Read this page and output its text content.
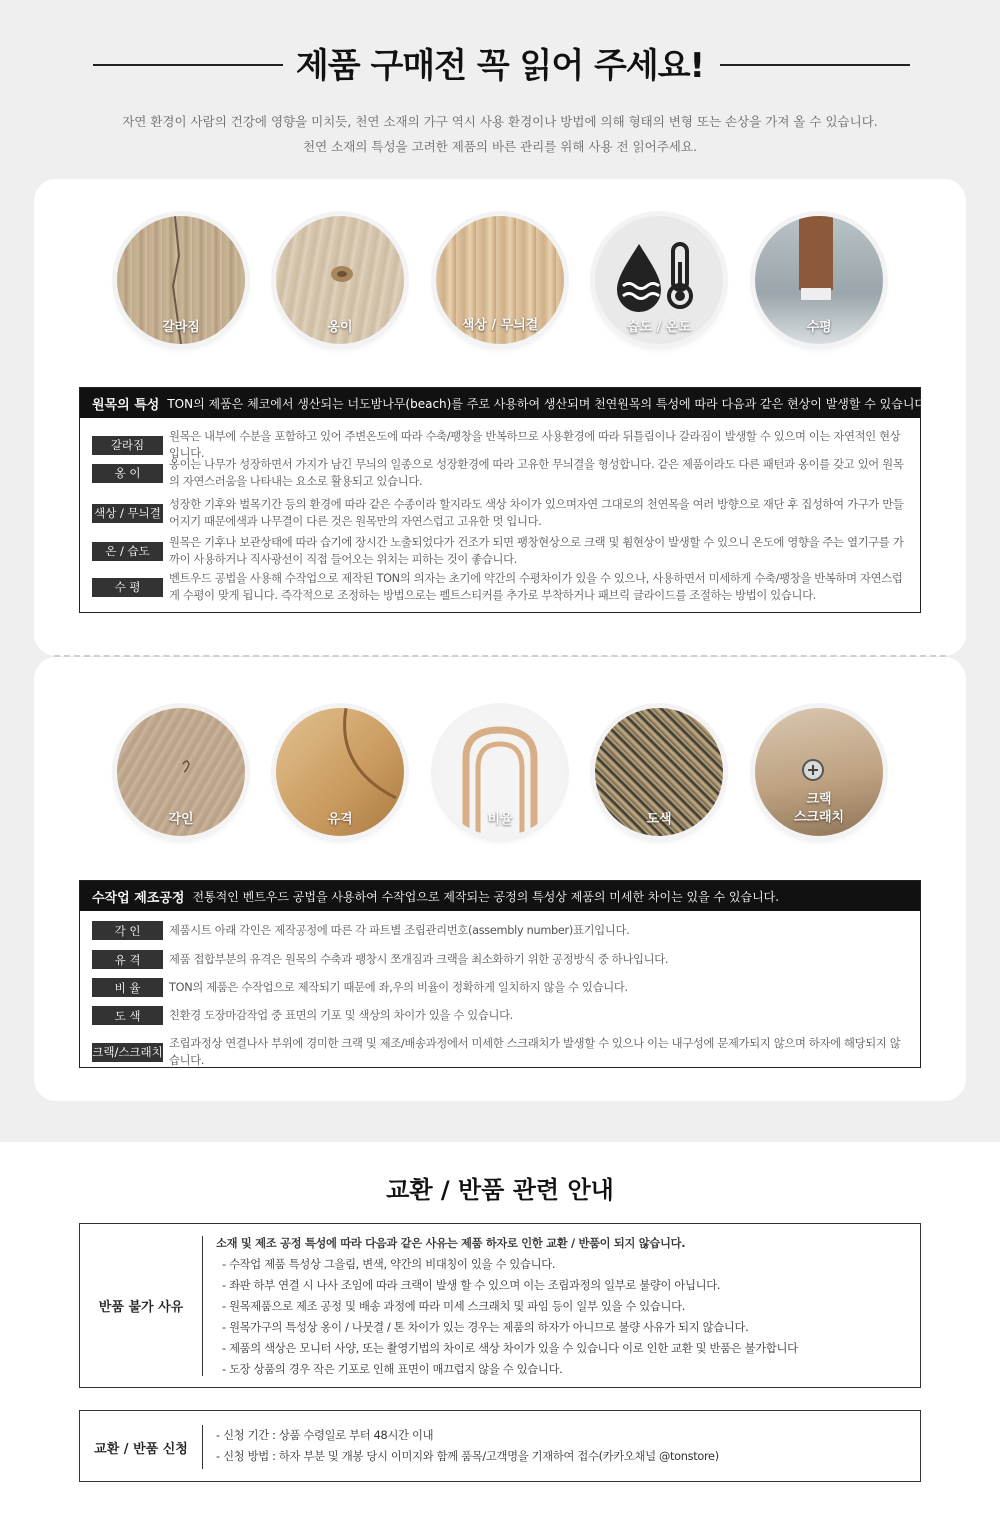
제품 구매전 꼭 읽어 주세요!
자연 환경이 사람의 건강에 영향을 미치듯, 천연 소재의 가구 역시 사용 환경이나 방법에 의해 형태의 변형 또는 손상을 가져 올 수 있습니다.
천연 소재의 특성을 고려한 제품의 바른 관리를 위해 사용 전 읽어주세요.
갈라짐	옹이	색상 / 무늬결	습도 / 온도	수평
원목의 특성 TON의 제품은 체코에서 생산되는 너도밤나무(beach)를 주로 사용하여 생산되며 천연원목의 특성에 따라 다음과 같은 현상이 발생할 수 있습니다.
갈라짐
원목은 내부에 수분을 포함하고 있어 주변온도에 따라 수축/팽창을 반복하므로 사용환경에 따라 뒤틀림이나 갈라짐이 발생할 수 있으며 이는 자연적인 현상입니다.
옹 이
옹이는 나무가 성장하면서 가지가 남긴 무늬의 일종으로 성장환경에 따라 고유한 무늬결을 형성합니다. 같은 제품이라도 다른 패턴과 옹이를 갖고 있어 원목의 자연스러움을 나타내는 요소로 활용되고 있습니다.
색상 / 무늬결
성장한 기후와 벌목기간 등의 환경에 따라 같은 수종이라 할지라도 색상 차이가 있으며자연 그대로의 천연목을 여러 방향으로 재단 후 집성하여 가구가 만들어지기 때문에색과 나무결이 다른 것은 원목만의 자연스럽고 고유한 멋 입니다.
온 / 습도
원목은 기후나 보관상태에 따라 습기에 장시간 노출되었다가 건조가 되면 팽창현상으로 크랙 및 휨현상이 발생할 수 있으니 온도에 영향을 주는 열기구를 가까이 사용하거나 직사광선이 직접 들어오는 위치는 피하는 것이 좋습니다.
수 평
벤트우드 공법을 사용해 수작업으로 제작된 TON의 의자는 초기에 약간의 수평차이가 있을 수 있으나, 사용하면서 미세하게 수축/팽창을 반복하며 자연스럽게 수평이 맞게 됩니다. 즉각적으로 조정하는 방법으로는 펠트스티커를 추가로 부착하거나 패브릭 글라이드를 조절하는 방법이 있습니다.
각인	유격	비율	도색
크랙
스크래치
수작업 제조공정 전통적인 벤트우드 공법을 사용하여 수작업으로 제작되는 공정의 특성상 제품의 미세한 차이는 있을 수 있습니다.
각 인	제품시트 아래 각인은 제작공정에 따른 각 파트별 조립관리번호(assembly number)표기입니다.
유 격	제품 접합부분의 유격은 원목의 수축과 팽창시 쪼개짐과 크랙을 최소화하기 위한 공정방식 중 하나입니다.
비 율	TON의 제품은 수작업으로 제작되기 때문에 좌,우의 비율이 정확하게 일치하지 않을 수 있습니다.
도 색	친환경 도장마감작업 중 표면의 기포 및 색상의 차이가 있을 수 있습니다.
크랙/스크래치
조립과정상 연결나사 부위에 경미한 크랙 및 제조/배송과정에서 미세한 스크래치가 발생할 수 있으나 이는 내구성에 문제가되지 않으며 하자에 해당되지 않습니다.
교환 / 반품 관련 안내
반품 불가 사유
소재 및 제조 공정 특성에 따라 다음과 같은 사유는 제품 하자로 인한 교환 / 반품이 되지 않습니다.
- 수작업 제품 특성상 그을림, 변색, 약간의 비대칭이 있을 수 있습니다.
- 좌판 하부 연결 시 나사 조임에 따라 크랙이 발생 할 수 있으며 이는 조립과정의 일부로 불량이 아닙니다.
- 원목제품으로 제조 공정 및 배송 과정에 따라 미세 스크래치 및 파임 등이 일부 있을 수 있습니다.
- 원목가구의 특성상 옹이 / 나뭇결 / 톤 차이가 있는 경우는 제품의 하자가 아니므로 불량 사유가 되지 않습니다.
- 제품의 색상은 모니터 사양, 또는 촬영기법의 차이로 색상 차이가 있을 수 있습니다 이로 인한 교환 및 반품은 불가합니다
- 도장 상품의 경우 작은 기포로 인해 표면이 매끄럽지 않을 수 있습니다.
교환 / 반품 신청
- 신청 기간 : 상품 수령일로 부터 48시간 이내
- 신청 방법 : 하자 부분 및 개봉 당시 이미지와 함께 품목/고객명을 기재하여 접수(카카오채널 @tonstore)
